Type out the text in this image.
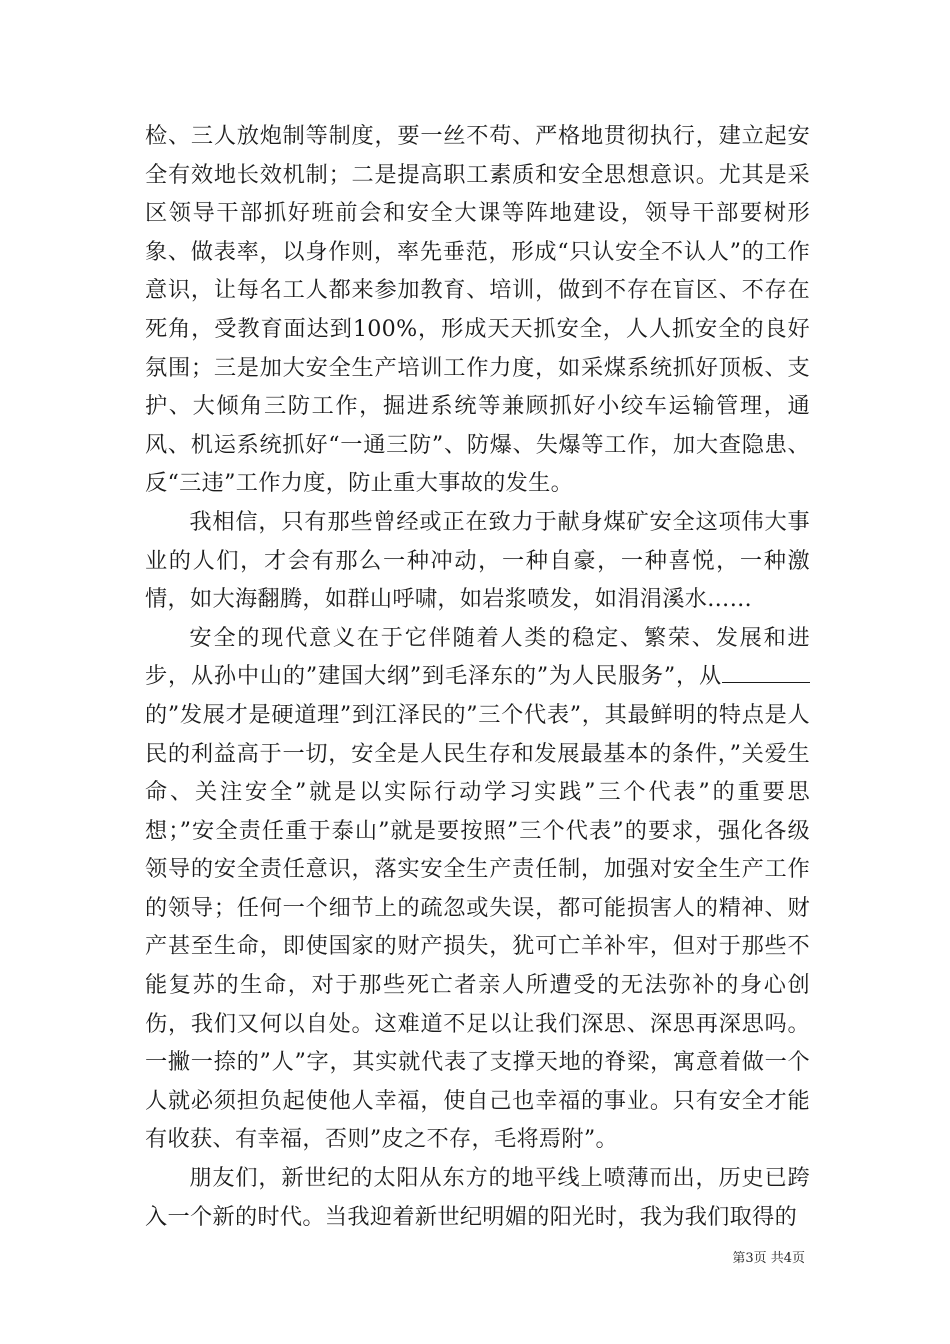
检、三人放炮制等制度，要一丝不苟、严格地贯彻执行，建立起安全有效地长效机制；二是提高职工素质和安全思想意识。尤其是采区领导干部抓好班前会和安全大课等阵地建设，领导干部要树形象、做表率，以身作则，率先垂范，形成“只认安全不认人”的工作意识，让每名工人都来参加教育、培训，做到不存在盲区、不存在死角，受教育面达到100%，形成天天抓安全，人人抓安全的良好氛围；三是加大安全生产培训工作力度，如采煤系统抓好顶板、支护、大倾角三防工作，掘进系统等兼顾抓好小绞车运输管理，通风、机运系统抓好“一通三防”、防爆、失爆等工作，加大查隐患、反“三违”工作力度，防止重大事故的发生。

我相信，只有那些曾经或正在致力于献身煤矿安全这项伟大事业的人们，才会有那么一种冲动，一种自豪，一种喜悦，一种激情，如大海翻腾，如群山呼啸，如岩浆喷发，如涓涓溪水……

安全的现代意义在于它伴随着人类的稳定、繁荣、发展和进步，从孙中山的”建国大纲”到毛泽东的”为人民服务”，从的”发展才是硬道理”到江泽民的”三个代表”，其最鲜明的特点是人民的利益高于一切，安全是人民生存和发展最基本的条件，”关爱生命、关注安全”就是以实际行动学习实践”三个代表”的重要思想；”安全责任重于泰山”就是要按照”三个代表”的要求，强化各级领导的安全责任意识，落实安全生产责任制，加强对安全生产工作的领导；任何一个细节上的疏忽或失误，都可能损害人的精神、财产甚至生命，即使国家的财产损失，犹可亡羊补牢，但对于那些不能复苏的生命，对于那些死亡者亲人所遭受的无法弥补的身心创伤，我们又何以自处。这难道不足以让我们深思、深思再深思吗。一撇一捺的”人”字，其实就代表了支撑天地的脊梁，寓意着做一个人就必须担负起使他人幸福，使自己也幸福的事业。只有安全才能有收获、有幸福，否则”皮之不存，毛将焉附”。

朋友们，新世纪的太阳从东方的地平线上喷薄而出，历史已跨入一个新的时代。当我迎着新世纪明媚的阳光时，我为我们取得的

第3页 共4页
